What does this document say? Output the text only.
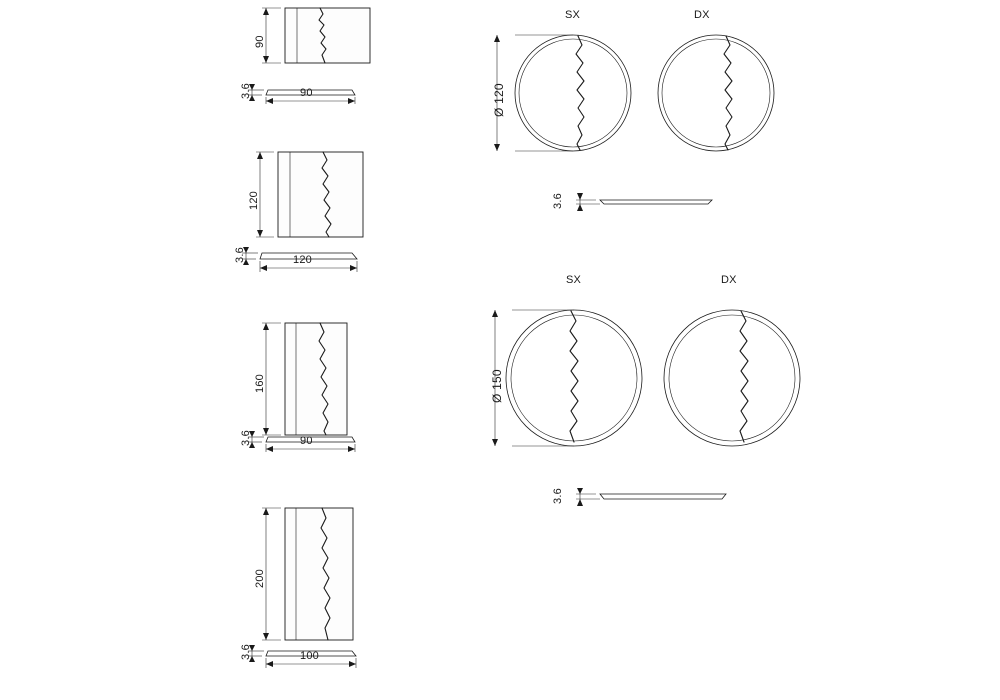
90
3.6	90
120
3.6	120
160
3.6	90
200
3.6	100
SX	DX
Ø 120
3.6
SX	DX
Ø 150
3.6
